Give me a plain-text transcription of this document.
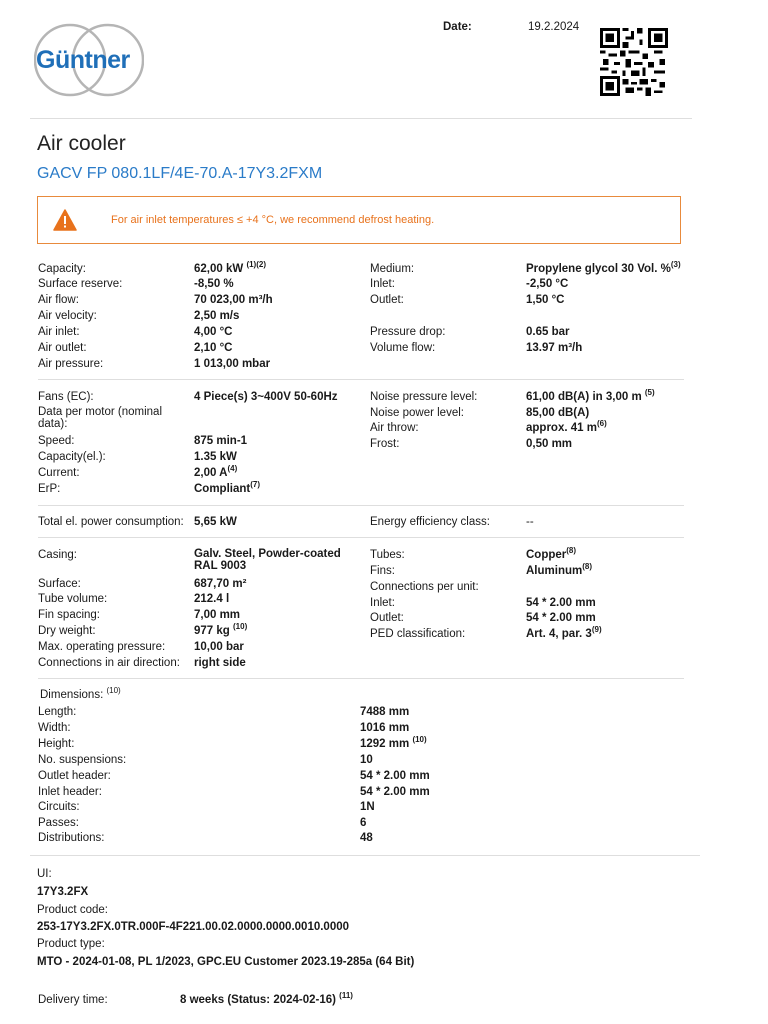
Güntner
Date:	19.2.2024
Air cooler
GACV FP 080.1LF/4E-70.A-17Y3.2FXM
For air inlet temperatures ≤ +4 °C, we recommend defrost heating.
Capacity:	62,00 kW $^{(1)(2)}$
Surface reserve:	-8,50 %
Air flow:	70 023,00 m³/h
Air velocity:	2,50 m/s
Air inlet:	4,00 °C
Air outlet:	2,10 °C
Air pressure:	1 013,00 mbar
Medium:	Propylene glycol 30 Vol. %$^{(3)}$
Inlet:	-2,50 °C
Outlet:	1,50 °C
Pressure drop:	0.65 bar
Volume flow:	13.97 m³/h
Fans (EC):	4 Piece(s) 3~400V 50-60Hz
Data per motor (nominal data):
Speed:	875 min-1
Capacity(el.):	1.35 kW
Current:	2,00 $A^{(4)}$
ErP:	Compliant$^{(7)}$
Noise pressure level:	61,00 dB(A) in 3,00 m $^{(5)}$
Noise power level:	85,00 dB(A)
Air throw:	approx. 41 $m^{(6)}$
Frost:	0,50 mm
Total el. power consumption: 5,65 kW	Energy efficiency class:	--
Casing:	Galv. Steel, Powder-coated RAL 9003
Surface:	687,70 m²
Tube volume:	212.4 l
Fin spacing:	7,00 mm
Dry weight:	977 kg $^{(10)}$
Max. operating pressure:	10,00 bar
Connections in air direction: right side
Tubes:	Copper$^{(8)}$
Fins:	Aluminum$^{(8)}$
Connections per unit:
Inlet:	54 * 2.00 mm
Outlet:	54 * 2.00 mm
PED classification:	Art. 4, par. 3$^{(9)}$
Dimensions: $^{(10)}$
Length:	7488 mm
Width:	1016 mm
Height:	1292 mm $^{(10)}$
No. suspensions:	10
Outlet header:	54 * 2.00 mm
Inlet header:	54 * 2.00 mm
Circuits:	1N
Passes:	6
Distributions:	48
UI:
17Y3.2FX
Product code:
253-17Y3.2FX.0TR.000F-4F221.00.02.0000.0000.0010.0000
Product type:
MTO - 2024-01-08, PL 1/2023, GPC.EU Customer 2023.19-285a (64 Bit)
Delivery time:	8 weeks (Status: 2024-02-16) $^{(11)}$
